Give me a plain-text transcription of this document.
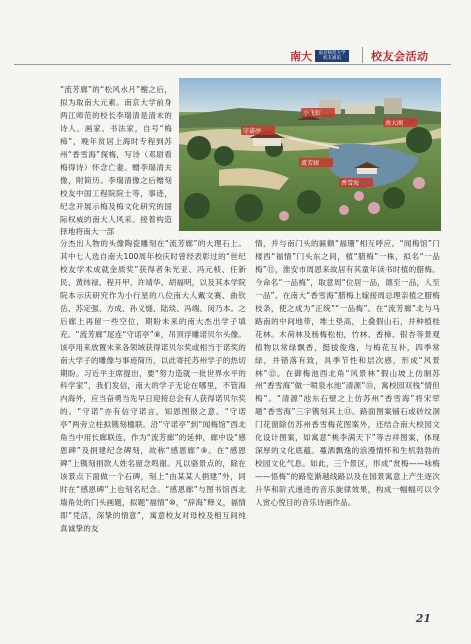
南大	南京师范大学校友通讯	校友会活动
“流芳廊”的“松风水月”榭之后，拟为取南大元素。南京大学前身两江师范的校长李瑞清是清末的诗人、画家、书法家，自号“梅痴”，晚年贫居上海时专程到苏州“香雪海”探梅，写诗（邓尉看梅得诗）怀念亡妻。赠李瑞清夫像，附简历。李瑞清像之后赠刻校友中国工程院院士等，事迹，纪念开展示梅及梅文化研究的国际权威的南大人风采。接着构造择地将南大一部
守诺亭
小飞虹
南大阁
流芳廊
香雪海
分杰出人物的头像陶瓷雕刻在“流芳廊”的大理石上。其中七人选自南大100周年校庆时曾经表彰过的“世纪校友学术成就金质奖”获得者朱光亚、冯元桢、任新民、黄纬禄、程开甲、许靖华、胡福明，以及其本学院院本示庆研究作为小行星的八位南大人戴文赛、曲钦岳、苏定强、方成、孙义燧、陆琰、冯端、闵乃本。之后廊上再留一些空位，期盼未来的南大杰出学子填充。“流芳廊”尾连“守诺亭”⑧，吊顶浮雕诺贝尔头像。该亭用来放置未来各领域获得诺贝尔奖或相当于诺奖的南大学子的雕像与事迹简历，以此寄托苏州学子的热切期盼。习近平主席提出，要“努力造就一批世界水平的科学家”，我们发信，南大的学子无论在哪里，不管海内海外，应当奋勇当先早日迎接总会有人获得诺贝尔奖的。“守诺”亦有信守诺言，知恩图报之意。“守诺亭”两旁立柱拟镌刻楹联。沿“守诺亭”到“闻梅馆”西北角当中用长廊联连，作为“流芳廊”的延伸，廊中设“感恩碑”及捐建纪念碑刻，故称“感恩廊”⑨。在“感恩碑”上镌刻捐款人姓名留念鸣谢。凡以骆景点的，除在该景点下面做一个石碑，刻上“由某某人捐建”外，同时在“感恩碑”上也刻名纪念。“感恩廊”与图书馆西北墙角处的门头画题，拟题“福情”⑩，“辞海”释义，福情即“凭活，深挚的情意”，寓意校友对母校及相互间纯真诚挚的友
情，并与南门头的匾额“福珊”相互呼应。“闻梅馆”门楼西“福情”门头东之间，植“腊梅”一株，拟名“一品梅”⑪，淮安市周恩来故居有其童年读书时植的腊梅。今命名“一品梅”，取意周“位居一品，德至一品，人至一品”。在南大“香雪海”腊梅上嫁接周总理亲植之腊梅枝条，使之成为“正统”“一品梅”。在“流芳廊”北与马路南的中间地带，堆土垫高，上叠假山石，并种植桂花林。木荷林及杨梅松柏，竹林、香樟、银杏等景观植物以常绿飘香，挺拔俊逸，与梅花互补，四季常绿，并错落有致，具季节性和层次感，形成“风景林”⑫。在御梅池西北角“风景林”假山坡上仿制苏州“香雪海”做一喷泉水池“清源”⑬，寓校园双栈“情但梅”。“清源”池东石壁之上仿苏州“香雪海”将宋荦题“香雪海”三字镌刻其上⑬。路面图案铺石或砖纹洞门花窗除仿苏州香雪梅花图案外，还结合南大校园文化设计图案，如寓意“桃李满天下”等吉祥图案，体现深厚的文化底蕴。蔓洒飘逸的浪漫情怀和生机勃勃的校园文化气息。如此，三个景区，形成“赏梅——咏梅——悟梅”的路览渐越线路以及在园景寓意上产生逐次升华和阶式递进的音乐旋律效果，构成一幅幅可以令人赏心悦目的音乐诗画作品。
21
